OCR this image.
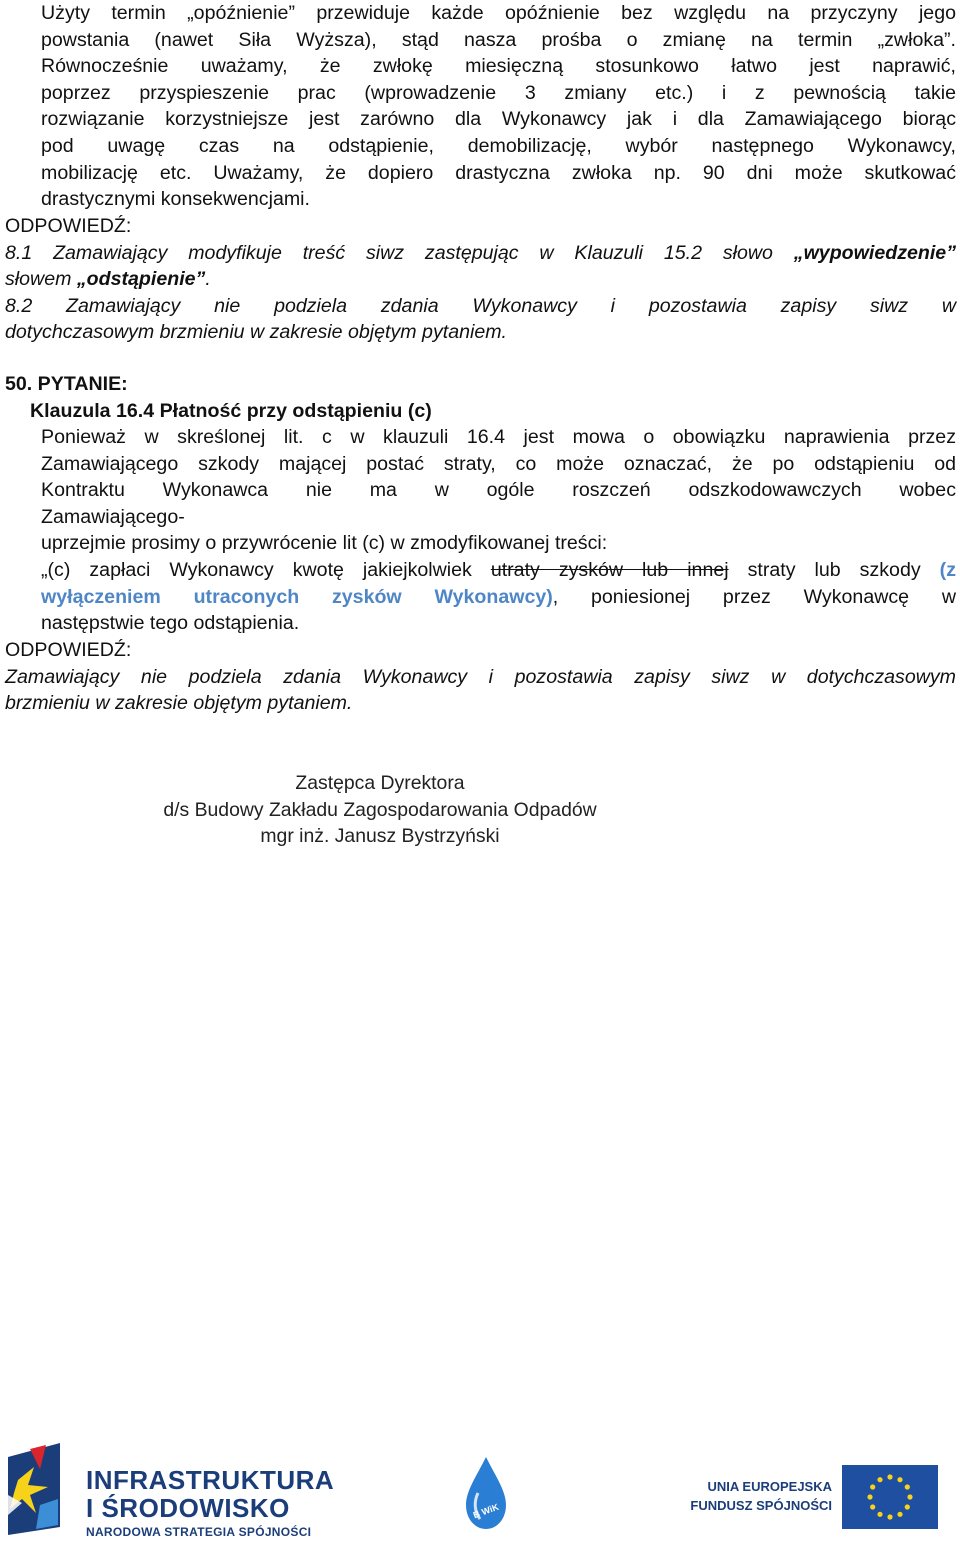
Użyty termin „opóźnienie” przewiduje każde opóźnienie bez względu na przyczyny jego

powstania (nawet Siła Wyższa), stąd nasza prośba o zmianę na termin „zwłoka”.

Równocześnie uważamy, że zwłokę miesięczną stosunkowo łatwo jest naprawić,

poprzez przyspieszenie prac (wprowadzenie 3 zmiany etc.) i z pewnością takie

rozwiązanie korzystniejsze jest zarówno dla Wykonawcy jak i dla Zamawiającego biorąc

pod uwagę czas na odstąpienie, demobilizację, wybór następnego Wykonawcy,

mobilizację etc. Uważamy, że dopiero drastyczna zwłoka np. 90 dni może skutkować

drastycznymi konsekwencjami.

ODPOWIEDŹ:

8.1 Zamawiający modyfikuje treść siwz zastępując w Klauzuli 15.2 słowo „wypowiedzenie”

słowem „odstąpienie”.

8.2 Zamawiający nie podziela zdania Wykonawcy i pozostawia zapisy siwz w

dotychczasowym brzmieniu w zakresie objętym pytaniem.

50. PYTANIE:

Klauzula 16.4 Płatność przy odstąpieniu (c)

Ponieważ w skreślonej lit. c w klauzuli 16.4 jest mowa o obowiązku naprawienia przez

Zamawiającego szkody mającej postać straty, co może oznaczać, że po odstąpieniu od

Kontraktu Wykonawca nie ma w ogóle roszczeń odszkodowawczych wobec

Zamawiającego-

uprzejmie prosimy o przywrócenie lit (c) w zmodyfikowanej treści:

„(c) zapłaci Wykonawcy kwotę jakiejkolwiek utraty zysków lub innej straty lub szkody (z

wyłączeniem utraconych zysków Wykonawcy), poniesionej przez Wykonawcę w

następstwie tego odstąpienia.

ODPOWIEDŹ:

Zamawiający nie podziela zdania Wykonawcy i pozostawia zapisy siwz w dotychczasowym

brzmieniu w zakresie objętym pytaniem.

Zastępca Dyrektora
d/s Budowy Zakładu Zagospodarowania Odpadów
mgr inż. Janusz Bystrzyński
INFRASTRUKTURA
I ŚRODOWISKO
NARODOWA STRATEGIA SPÓJNOŚCI
B WiK
UNIA EUROPEJSKA
FUNDUSZ SPÓJNOŚCI
